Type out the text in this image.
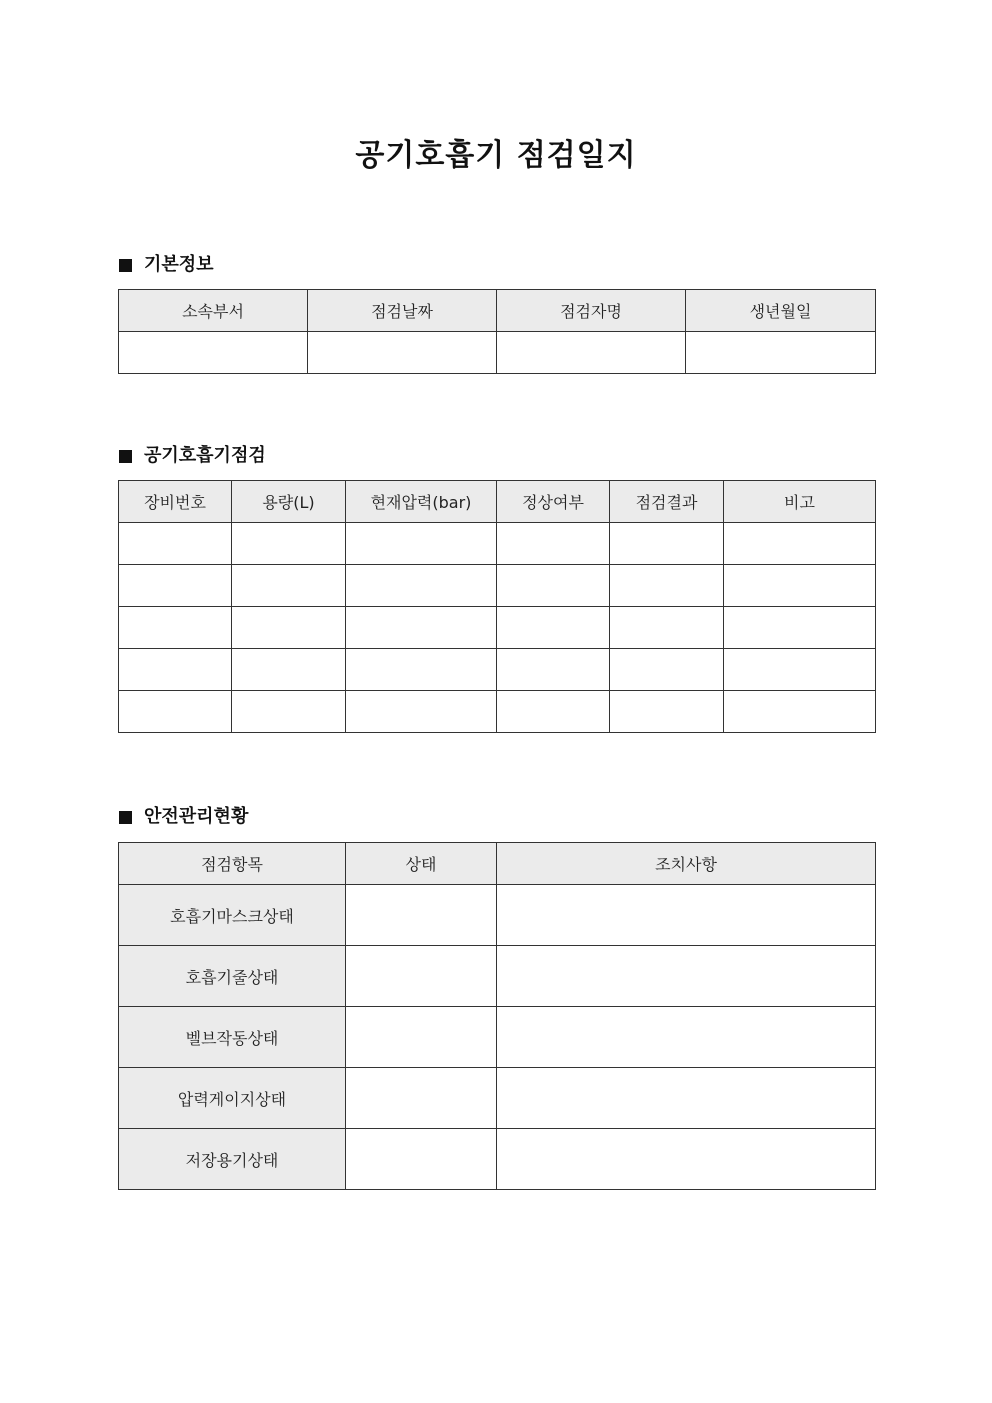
공기호흡기 점검일지
기본정보
소속부서	점검날짜	점검자명	생년월일

공기호흡기점검
장비번호	용량(L)	현재압력(bar)	정상여부	점검결과	비고

안전관리현황
점검항목	상태	조치사항
호흡기마스크상태		
호흡기줄상태		
벨브작동상태		
압력게이지상태		
저장용기상태		
